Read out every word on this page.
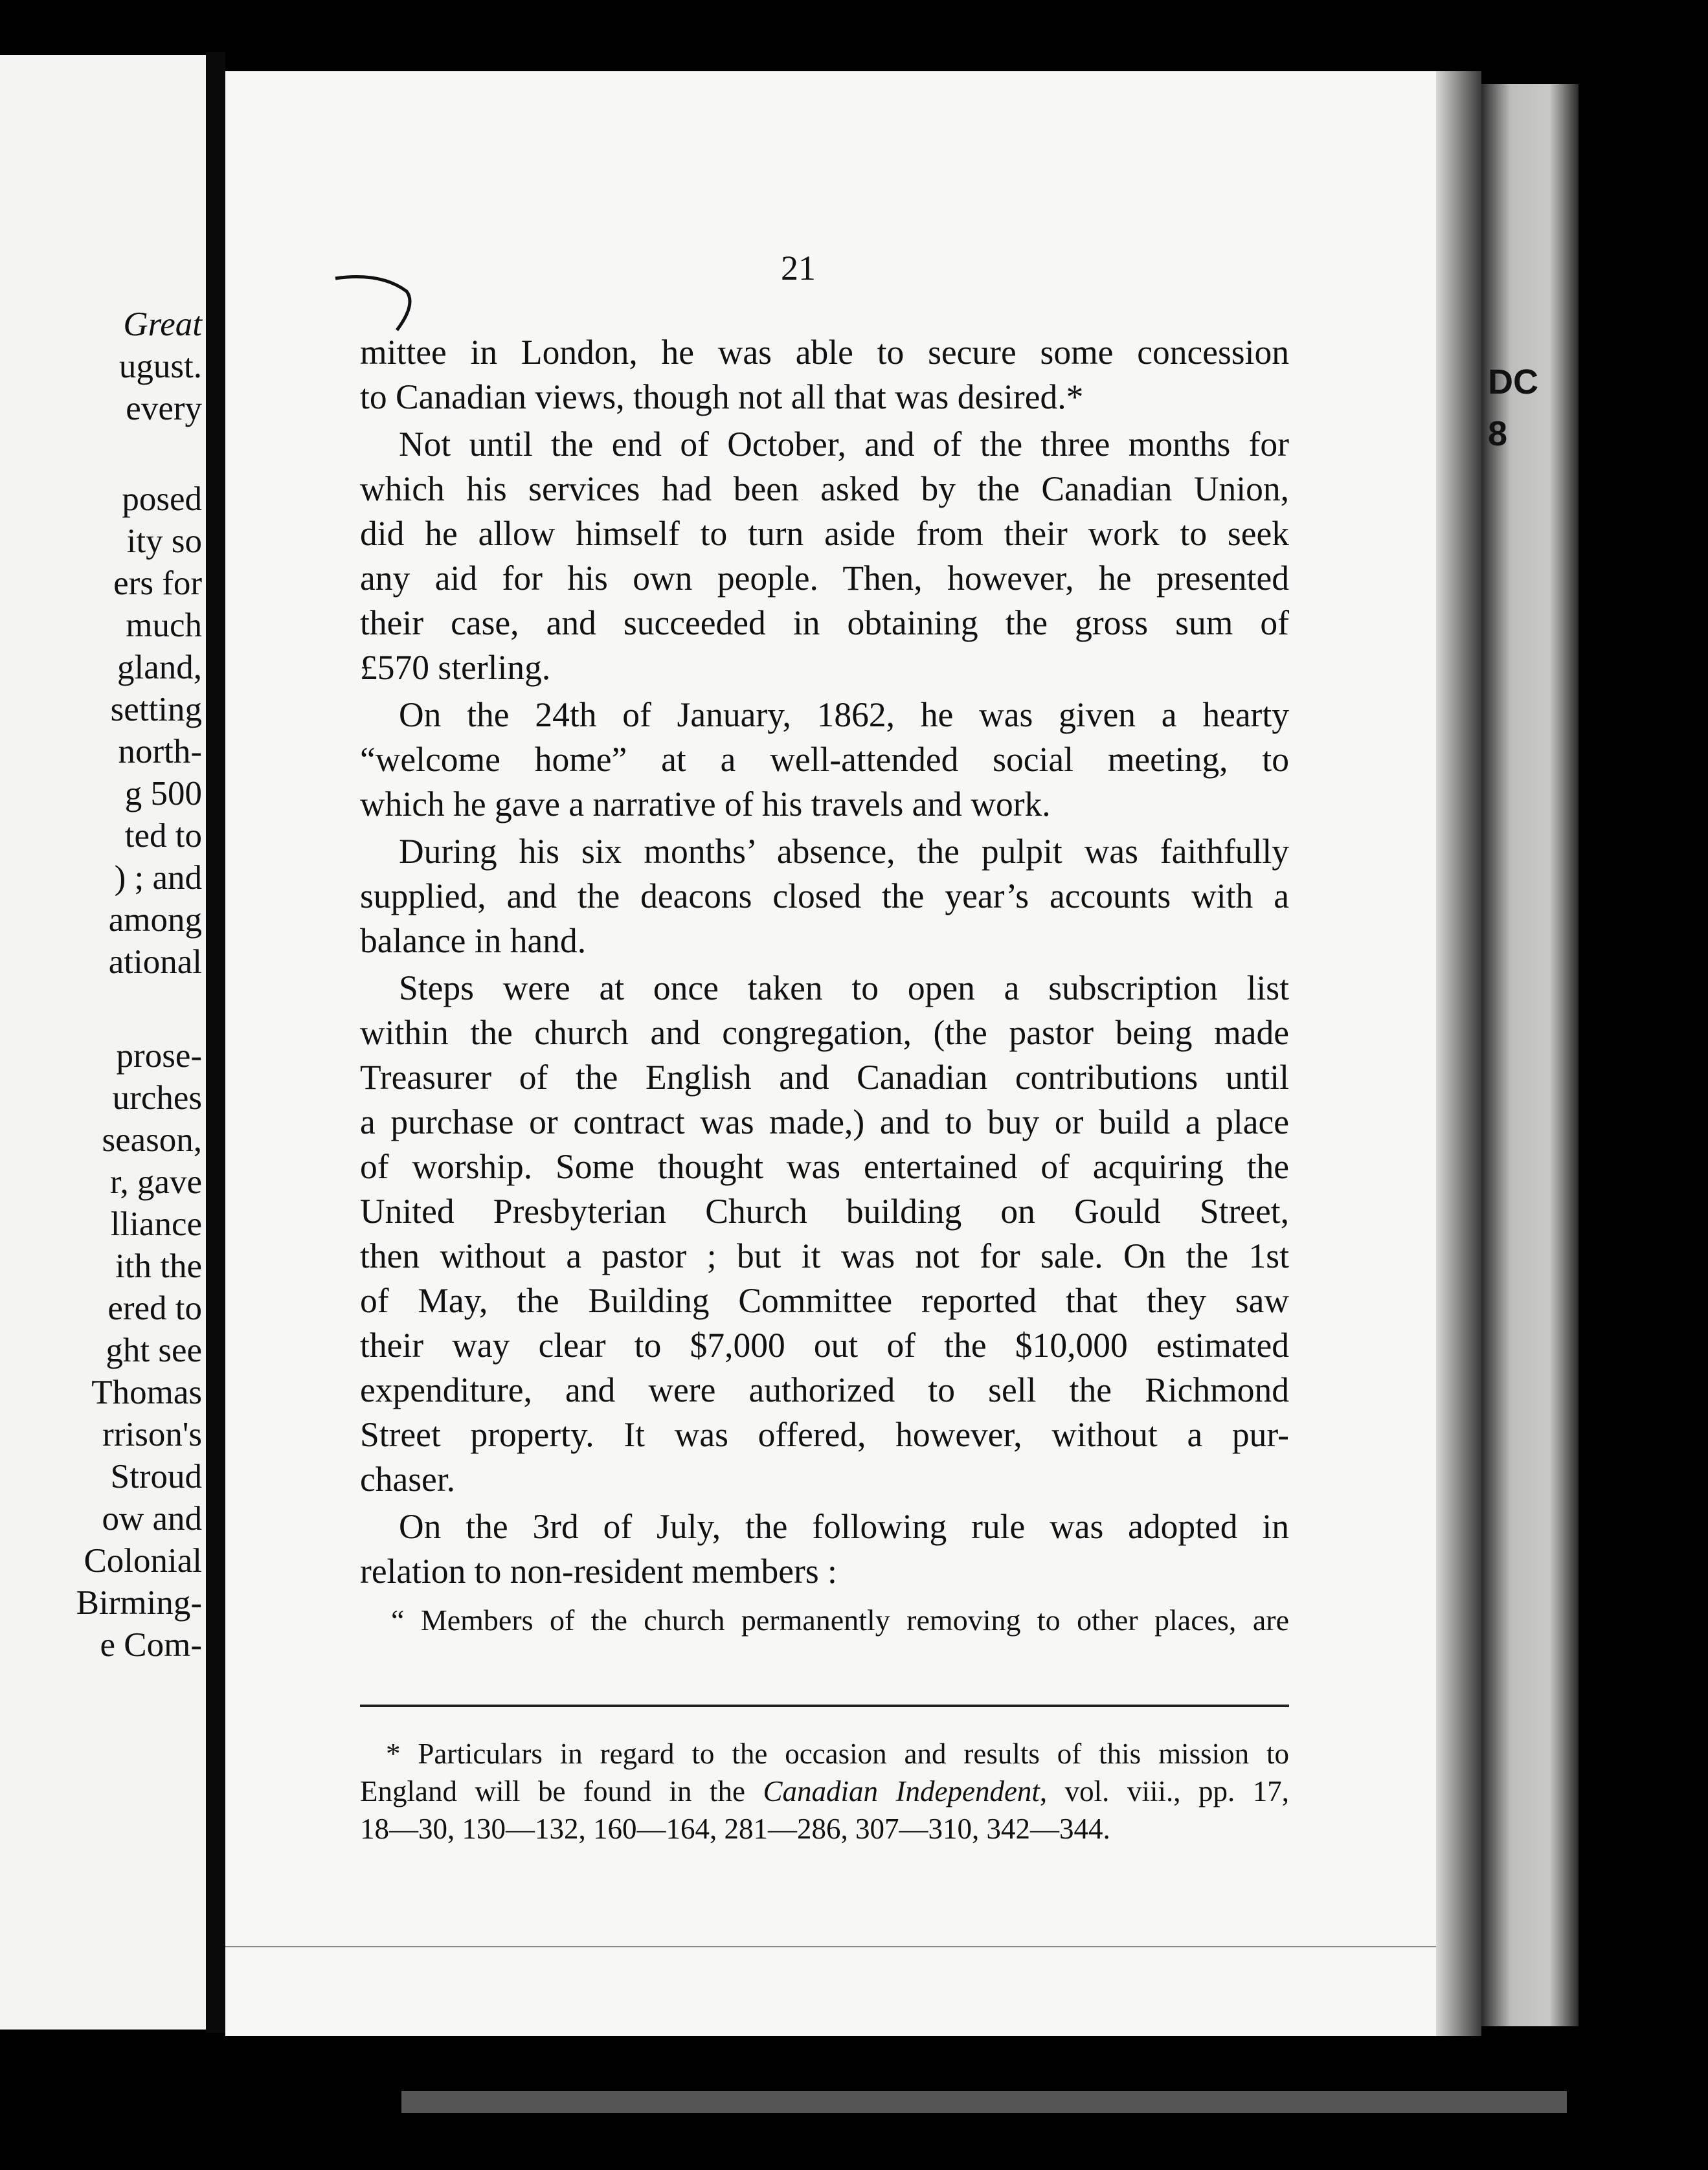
Great

ugust.

every

posed

ity so

ers for

much

gland,

setting

north-

g 500

ted to

) ; and

among

ational

prose-

urches

season,

r, gave

lliance

ith the

ered to

ght see

Thomas

rrison's

Stroud

ow and

Colonial

Birming-

e Com-

21

mittee in London, he was able to secure some concession
to Canadian views, though not all that was desired.*

Not until the end of October, and of the three months for
which his services had been asked by the Canadian Union,
did he allow himself to turn aside from their work to seek
any aid for his own people. Then, however, he presented
their case, and succeeded in obtaining the gross sum of
£570 sterling.

On the 24th of January, 1862, he was given a hearty
“welcome home” at a well-attended social meeting, to
which he gave a narrative of his travels and work.

During his six months’ absence, the pulpit was faithfully
supplied, and the deacons closed the year’s accounts with a
balance in hand.

Steps were at once taken to open a subscription list
within the church and congregation, (the pastor being made
Treasurer of the English and Canadian contributions until
a purchase or contract was made,) and to buy or build a place
of worship. Some thought was entertained of acquiring the
United Presbyterian Church building on Gould Street,
then without a pastor ; but it was not for sale. On the 1st
of May, the Building Committee reported that they saw
their way clear to $7,000 out of the $10,000 estimated
expenditure, and were authorized to sell the Richmond
Street property. It was offered, however, without a pur-
chaser.

On the 3rd of July, the following rule was adopted in
relation to non-resident members :

“ Members of the church permanently removing to other places, are
* Particulars in regard to the occasion and results of this mission to
England will be found in the Canadian Independent, vol. viii., pp. 17,
18—30, 130—132, 160—164, 281—286, 307—310, 342—344.
DC
8
